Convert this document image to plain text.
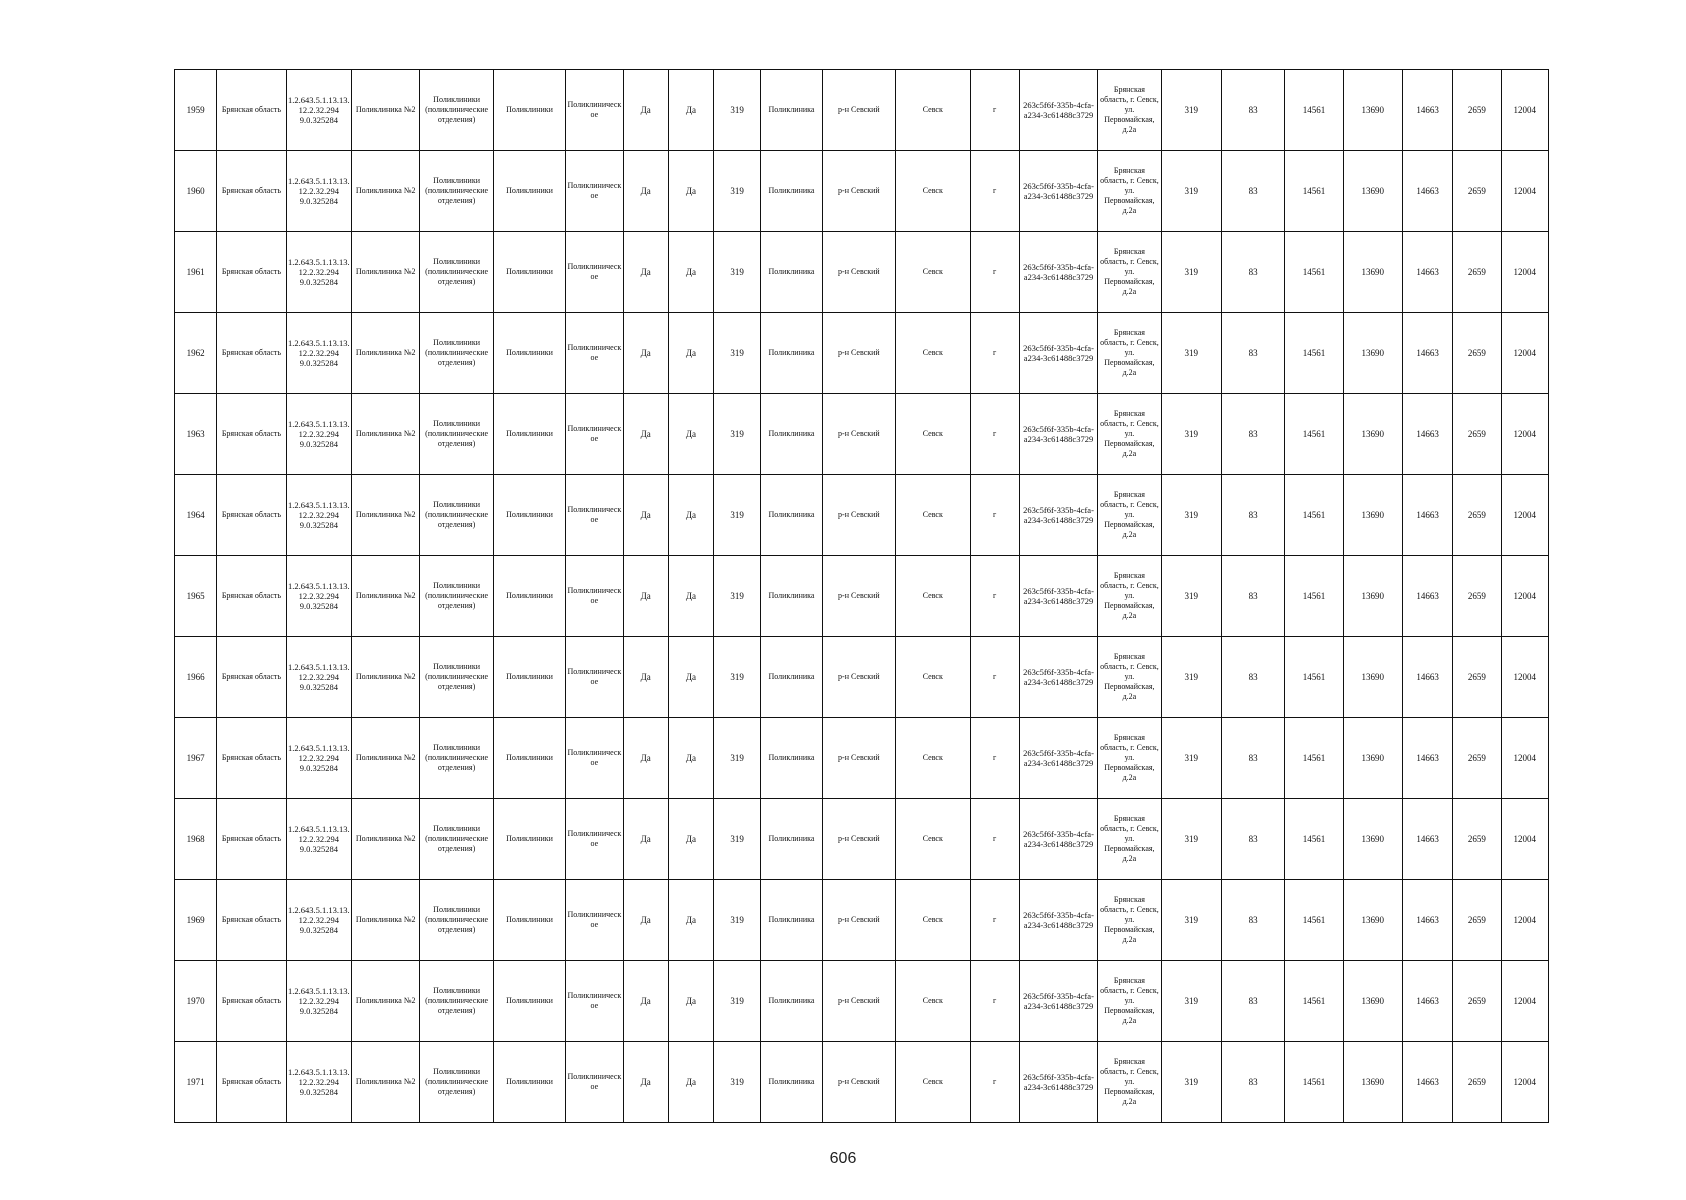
1959	Брянская область	1.2.643.5.1.13.13.12.2.32.294 9.0.325284	Поликлиника №2	Поликлиники (поликлинические отделения)	Поликлиники	Поликлиническое	Да	Да	319	Поликлиника	р-н Севский	Севск	г	263c5f6f-335b-4cfa-a234-3c61488c3729	Брянская область, г. Севск, ул. Первомайская, д.2а	319	83	14561	13690	14663	2659	12004
1960	Брянская область	1.2.643.5.1.13.13.12.2.32.294 9.0.325284	Поликлиника №2	Поликлиники (поликлинические отделения)	Поликлиники	Поликлиническое	Да	Да	319	Поликлиника	р-н Севский	Севск	г	263c5f6f-335b-4cfa-a234-3c61488c3729	Брянская область, г. Севск, ул. Первомайская, д.2а	319	83	14561	13690	14663	2659	12004
1961	Брянская область	1.2.643.5.1.13.13.12.2.32.294 9.0.325284	Поликлиника №2	Поликлиники (поликлинические отделения)	Поликлиники	Поликлиническое	Да	Да	319	Поликлиника	р-н Севский	Севск	г	263c5f6f-335b-4cfa-a234-3c61488c3729	Брянская область, г. Севск, ул. Первомайская, д.2а	319	83	14561	13690	14663	2659	12004
1962	Брянская область	1.2.643.5.1.13.13.12.2.32.294 9.0.325284	Поликлиника №2	Поликлиники (поликлинические отделения)	Поликлиники	Поликлиническое	Да	Да	319	Поликлиника	р-н Севский	Севск	г	263c5f6f-335b-4cfa-a234-3c61488c3729	Брянская область, г. Севск, ул. Первомайская, д.2а	319	83	14561	13690	14663	2659	12004
1963	Брянская область	1.2.643.5.1.13.13.12.2.32.294 9.0.325284	Поликлиника №2	Поликлиники (поликлинические отделения)	Поликлиники	Поликлиническое	Да	Да	319	Поликлиника	р-н Севский	Севск	г	263c5f6f-335b-4cfa-a234-3c61488c3729	Брянская область, г. Севск, ул. Первомайская, д.2а	319	83	14561	13690	14663	2659	12004
1964	Брянская область	1.2.643.5.1.13.13.12.2.32.294 9.0.325284	Поликлиника №2	Поликлиники (поликлинические отделения)	Поликлиники	Поликлиническое	Да	Да	319	Поликлиника	р-н Севский	Севск	г	263c5f6f-335b-4cfa-a234-3c61488c3729	Брянская область, г. Севск, ул. Первомайская, д.2а	319	83	14561	13690	14663	2659	12004
1965	Брянская область	1.2.643.5.1.13.13.12.2.32.294 9.0.325284	Поликлиника №2	Поликлиники (поликлинические отделения)	Поликлиники	Поликлиническое	Да	Да	319	Поликлиника	р-н Севский	Севск	г	263c5f6f-335b-4cfa-a234-3c61488c3729	Брянская область, г. Севск, ул. Первомайская, д.2а	319	83	14561	13690	14663	2659	12004
1966	Брянская область	1.2.643.5.1.13.13.12.2.32.294 9.0.325284	Поликлиника №2	Поликлиники (поликлинические отделения)	Поликлиники	Поликлиническое	Да	Да	319	Поликлиника	р-н Севский	Севск	г	263c5f6f-335b-4cfa-a234-3c61488c3729	Брянская область, г. Севск, ул. Первомайская, д.2а	319	83	14561	13690	14663	2659	12004
1967	Брянская область	1.2.643.5.1.13.13.12.2.32.294 9.0.325284	Поликлиника №2	Поликлиники (поликлинические отделения)	Поликлиники	Поликлиническое	Да	Да	319	Поликлиника	р-н Севский	Севск	г	263c5f6f-335b-4cfa-a234-3c61488c3729	Брянская область, г. Севск, ул. Первомайская, д.2а	319	83	14561	13690	14663	2659	12004
1968	Брянская область	1.2.643.5.1.13.13.12.2.32.294 9.0.325284	Поликлиника №2	Поликлиники (поликлинические отделения)	Поликлиники	Поликлиническое	Да	Да	319	Поликлиника	р-н Севский	Севск	г	263c5f6f-335b-4cfa-a234-3c61488c3729	Брянская область, г. Севск, ул. Первомайская, д.2а	319	83	14561	13690	14663	2659	12004
1969	Брянская область	1.2.643.5.1.13.13.12.2.32.294 9.0.325284	Поликлиника №2	Поликлиники (поликлинические отделения)	Поликлиники	Поликлиническое	Да	Да	319	Поликлиника	р-н Севский	Севск	г	263c5f6f-335b-4cfa-a234-3c61488c3729	Брянская область, г. Севск, ул. Первомайская, д.2а	319	83	14561	13690	14663	2659	12004
1970	Брянская область	1.2.643.5.1.13.13.12.2.32.294 9.0.325284	Поликлиника №2	Поликлиники (поликлинические отделения)	Поликлиники	Поликлиническое	Да	Да	319	Поликлиника	р-н Севский	Севск	г	263c5f6f-335b-4cfa-a234-3c61488c3729	Брянская область, г. Севск, ул. Первомайская, д.2а	319	83	14561	13690	14663	2659	12004
1971	Брянская область	1.2.643.5.1.13.13.12.2.32.294 9.0.325284	Поликлиника №2	Поликлиники (поликлинические отделения)	Поликлиники	Поликлиническое	Да	Да	319	Поликлиника	р-н Севский	Севск	г	263c5f6f-335b-4cfa-a234-3c61488c3729	Брянская область, г. Севск, ул. Первомайская, д.2а	319	83	14561	13690	14663	2659	12004
606
